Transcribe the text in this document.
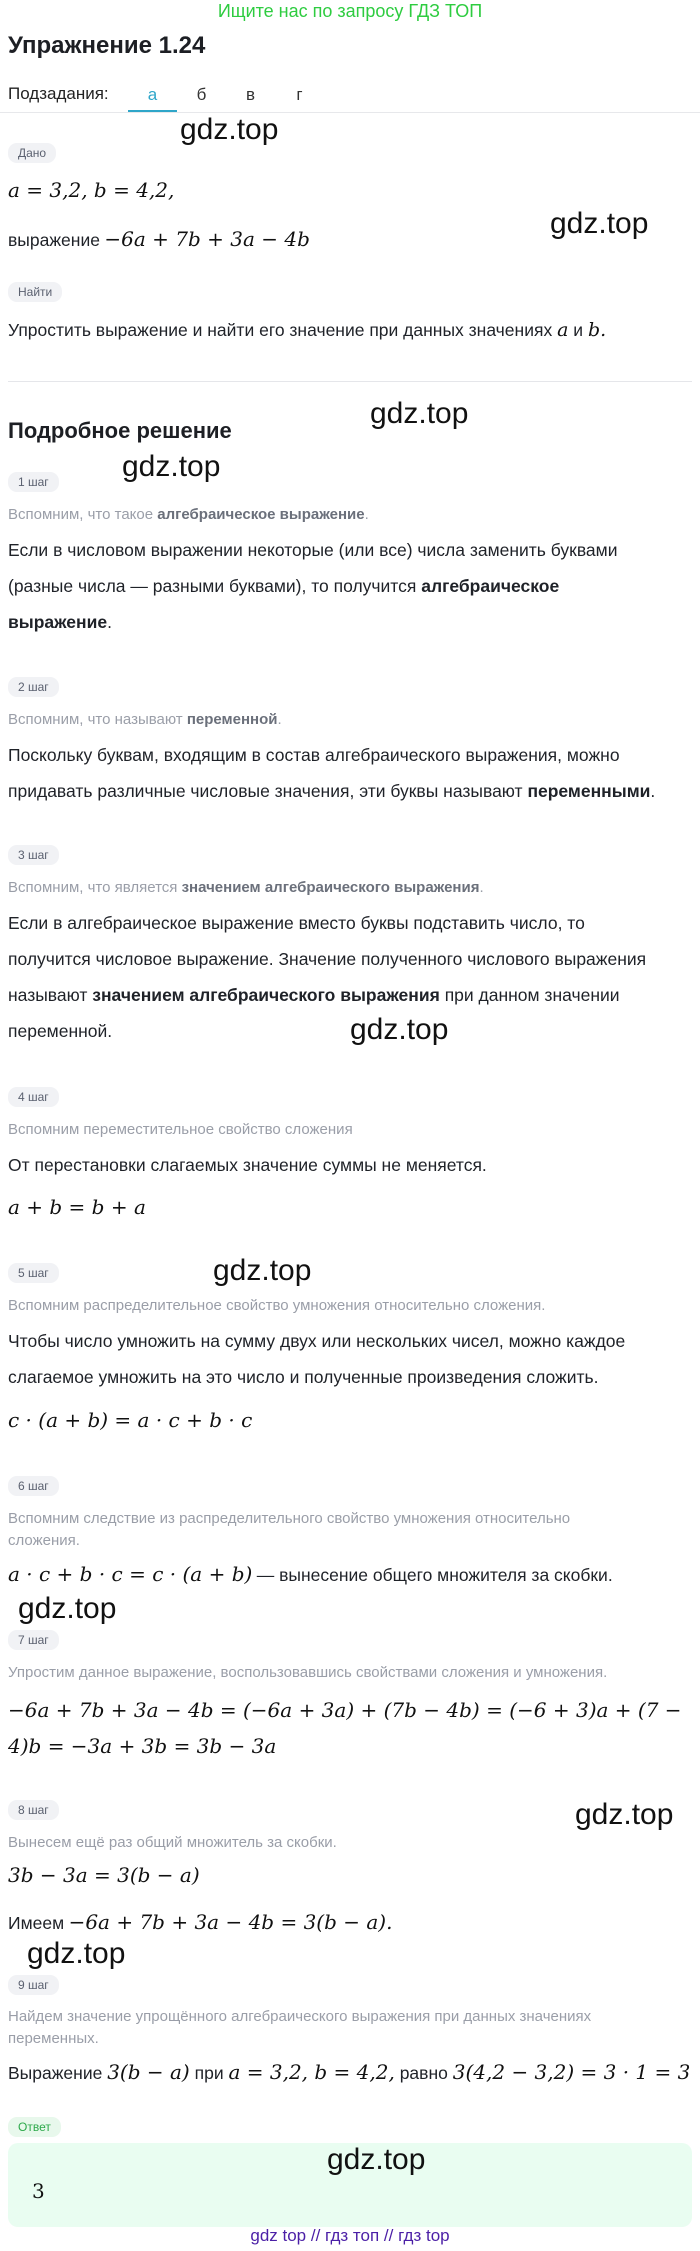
Ищите нас по запросу ГДЗ ТОП
Упражнение 1.24
Подзадания:	а	б	в	г
Дано
a = 3,2, b = 4,2,
выражение −6a + 7b + 3a − 4b
Найти
Упростить выражение и найти его значение при данных значениях a и b.
Подробное решение
1 шаг
Вспомним, что такое алгебраическое выражение.
Если в числовом выражении некоторые (или все) числа заменить буквами
(разные числа — разными буквами), то получится алгебраическое
выражение.
2 шаг
Вспомним, что называют переменной.
Поскольку буквам, входящим в состав алгебраического выражения, можно
придавать различные числовые значения, эти буквы называют переменными.
3 шаг
Вспомним, что является значением алгебраического выражения.
Если в алгебраическое выражение вместо буквы подставить число, то
получится числовое выражение. Значение полученного числового выражения
называют значением алгебраического выражения при данном значении
переменной.
4 шаг
Вспомним переместительное свойство сложения
От перестановки слагаемых значение суммы не меняется.
a + b = b + a
5 шаг
Вспомним распределительное свойство умножения относительно сложения.
Чтобы число умножить на сумму двух или нескольких чисел, можно каждое
слагаемое умножить на это число и полученные произведения сложить.
c · (a + b) = a · c + b · c
6 шаг
Вспомним следствие из распределительного свойство умножения относительно
сложения.
a · c + b · c = c · (a + b) — вынесение общего множителя за скобки.
7 шаг
Упростим данное выражение, воспользовавшись свойствами сложения и умножения.
−6a + 7b + 3a − 4b = (−6a + 3a) + (7b − 4b) = (−6 + 3)a + (7 −
4)b = −3a + 3b = 3b − 3a
8 шаг
Вынесем ещё раз общий множитель за скобки.
3b − 3a = 3(b − a)
Имеем −6a + 7b + 3a − 4b = 3(b − a).
9 шаг
Найдем значение упрощённого алгебраического выражения при данных значениях
переменных.
Выражение 3(b − a) при a = 3,2, b = 4,2, равно 3(4,2 − 3,2) = 3 · 1 = 3
Ответ
3
gdz.top
gdz.top
gdz.top
gdz.top
gdz.top
gdz.top
gdz.top
gdz.top
gdz.top
gdz.top
gdz top // гдз топ // гдз top
